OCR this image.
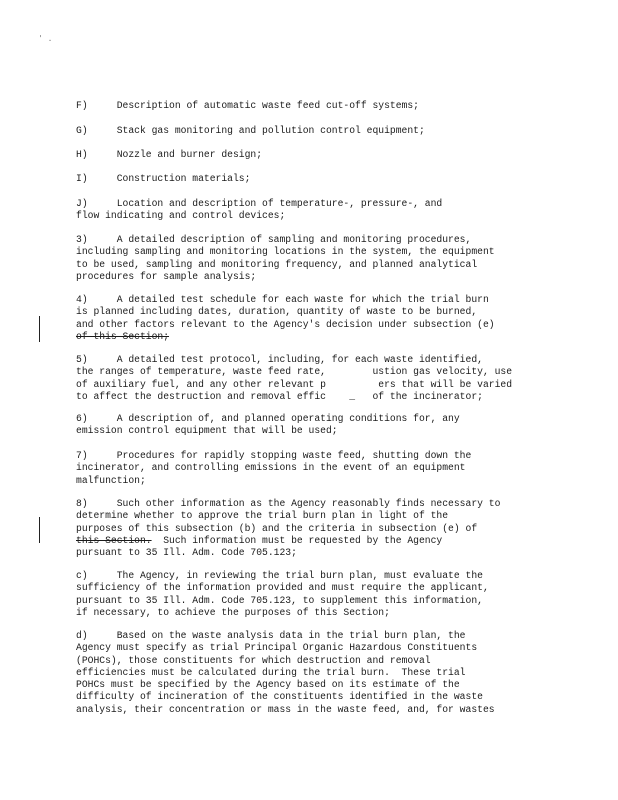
' .
F)     Description of automatic waste feed cut-off systems;
G)     Stack gas monitoring and pollution control equipment;
H)     Nozzle and burner design;
I)     Construction materials;
J)     Location and description of temperature-, pressure-, and
flow indicating and control devices;
3)     A detailed description of sampling and monitoring procedures,
including sampling and monitoring locations in the system, the equipment
to be used, sampling and monitoring frequency, and planned analytical
procedures for sample analysis;
4)     A detailed test schedule for each waste for which the trial burn
is planned including dates, duration, quantity of waste to be burned,
and other factors relevant to the Agency's decision under subsection (e)
of this Section;
5)     A detailed test protocol, including, for each waste identified,
the ranges of temperature, waste feed rate,        ustion gas velocity, use
of auxiliary fuel, and any other relevant p         ers that will be varied
to affect the destruction and removal effic    _   of the incinerator;
6)     A description of, and planned operating conditions for, any
emission control equipment that will be used;
7)     Procedures for rapidly stopping waste feed, shutting down the
incinerator, and controlling emissions in the event of an equipment
malfunction;
8)     Such other information as the Agency reasonably finds necessary to
determine whether to approve the trial burn plan in light of the
purposes of this subsection (b) and the criteria in subsection (e) of
this Section.  Such information must be requested by the Agency
pursuant to 35 Ill. Adm. Code 705.123;
c)     The Agency, in reviewing the trial burn plan, must evaluate the
sufficiency of the information provided and must require the applicant,
pursuant to 35 Ill. Adm. Code 705.123, to supplement this information,
if necessary, to achieve the purposes of this Section;
d)     Based on the waste analysis data in the trial burn plan, the
Agency must specify as trial Principal Organic Hazardous Constituents
(POHCs), those constituents for which destruction and removal
efficiencies must be calculated during the trial burn.  These trial
POHCs must be specified by the Agency based on its estimate of the
difficulty of incineration of the constituents identified in the waste
analysis, their concentration or mass in the waste feed, and, for wastes
